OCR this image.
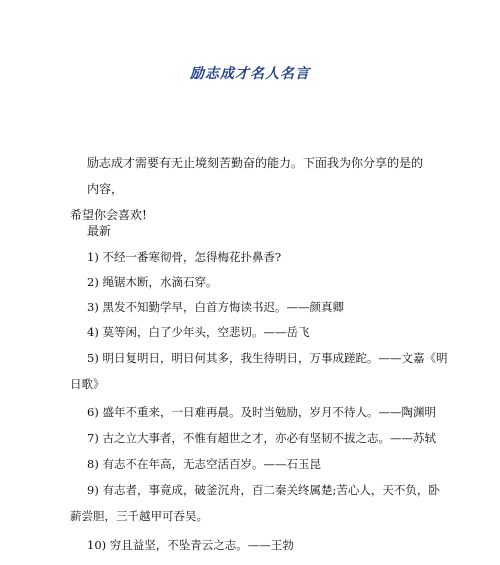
励志成才名人名言
励志成才需要有无止境刻苦勤奋的能力。下面我为你分享的是的内容，
希望你会喜欢!
最新
1) 不经一番寒彻骨，怎得梅花扑鼻香?
2) 绳锯木断，水滴石穿。
3) 黑发不知勤学早，白首方悔读书迟。——颜真卿
4) 莫等闲，白了少年头，空悲切。——岳飞
5) 明日复明日，明日何其多，我生待明日，万事成蹉跎。——文嘉《明
日歌》
6) 盛年不重来，一日难再晨。及时当勉励，岁月不待人。——陶渊明
7) 古之立大事者，不惟有超世之才，亦必有坚韧不拔之志。——苏轼
8) 有志不在年高，无志空活百岁。——石玉昆
9) 有志者，事竟成，破釜沉舟，百二秦关终属楚;苦心人，天不负，卧
薪尝胆，三千越甲可吞吴。
10) 穷且益坚，不坠青云之志。——王勃
